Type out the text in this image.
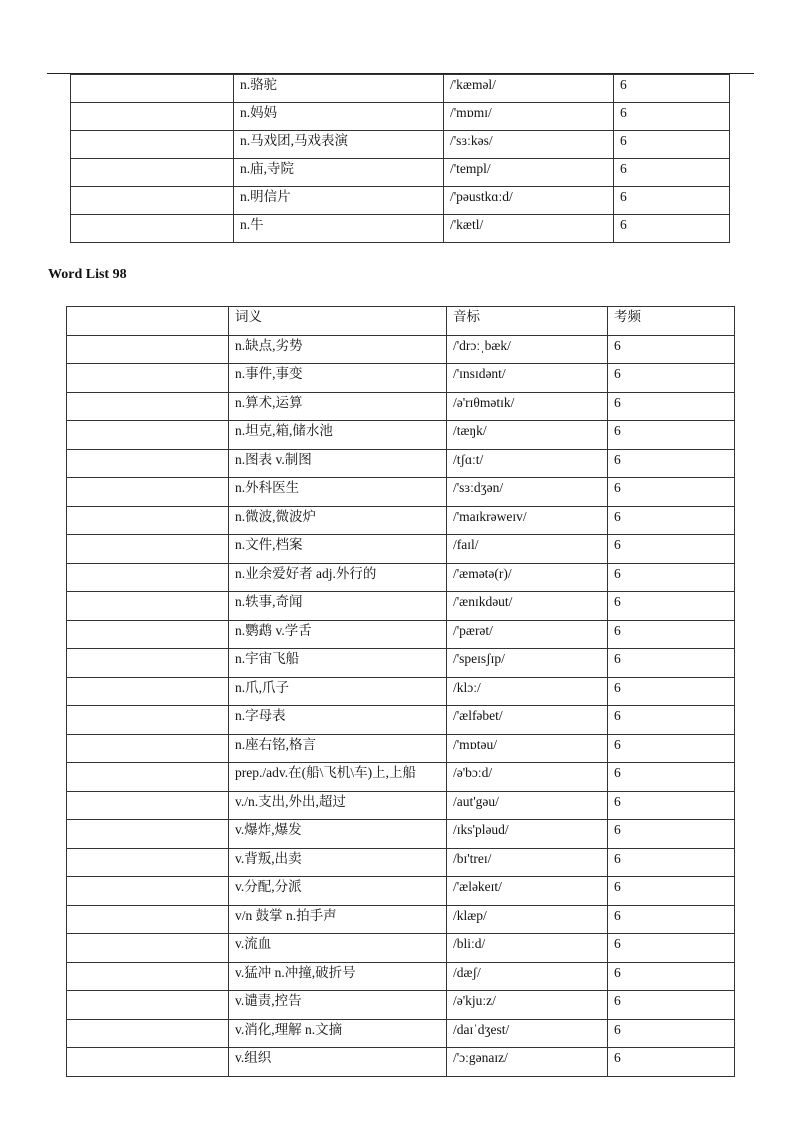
	n.骆驼	/'kæməl/	6
	n.妈妈	/'mɒmɪ/	6
	n.马戏团,马戏表演	/'sɜːkəs/	6
	n.庙,寺院	/'templ/	6
	n.明信片	/'pəustkɑːd/	6
	n.牛	/'kætl/	6
Word List 98
	词义	音标	考频
	n.缺点,劣势	/'drɔːˌbæk/	6
	n.事件,事变	/'ɪnsɪdənt/	6
	n.算术,运算	/ə'rɪθmətɪk/	6
	n.坦克,箱,储水池	/tæŋk/	6
	n.图表 v.制图	/tʃɑːt/	6
	n.外科医生	/'sɜːdʒən/	6
	n.微波,微波炉	/'maɪkrəweɪv/	6
	n.文件,档案	/faɪl/	6
	n.业余爱好者 adj.外行的	/'æmətə(r)/	6
	n.轶事,奇闻	/'ænɪkdəut/	6
	n.鹦鹉 v.学舌	/'pærət/	6
	n.宇宙飞船	/'speɪsʃɪp/	6
	n.爪,爪子	/klɔː/	6
	n.字母表	/'ælfəbet/	6
	n.座右铭,格言	/'mɒtəu/	6
	prep./adv.在(船\飞机\车)上,上船	/ə'bɔːd/	6
	v./n.支出,外出,超过	/aut'gəu/	6
	v.爆炸,爆发	/ɪks'pləud/	6
	v.背叛,出卖	/bɪ'treɪ/	6
	v.分配,分派	/'æləkeɪt/	6
	v/n 鼓掌 n.拍手声	/klæp/	6
	v.流血	/bliːd/	6
	v.猛冲 n.冲撞,破折号	/dæʃ/	6
	v.谴责,控告	/ə'kjuːz/	6
	v.消化,理解 n.文摘	/daɪˈdʒest/	6
	v.组织	/'ɔːgənaɪz/	6
